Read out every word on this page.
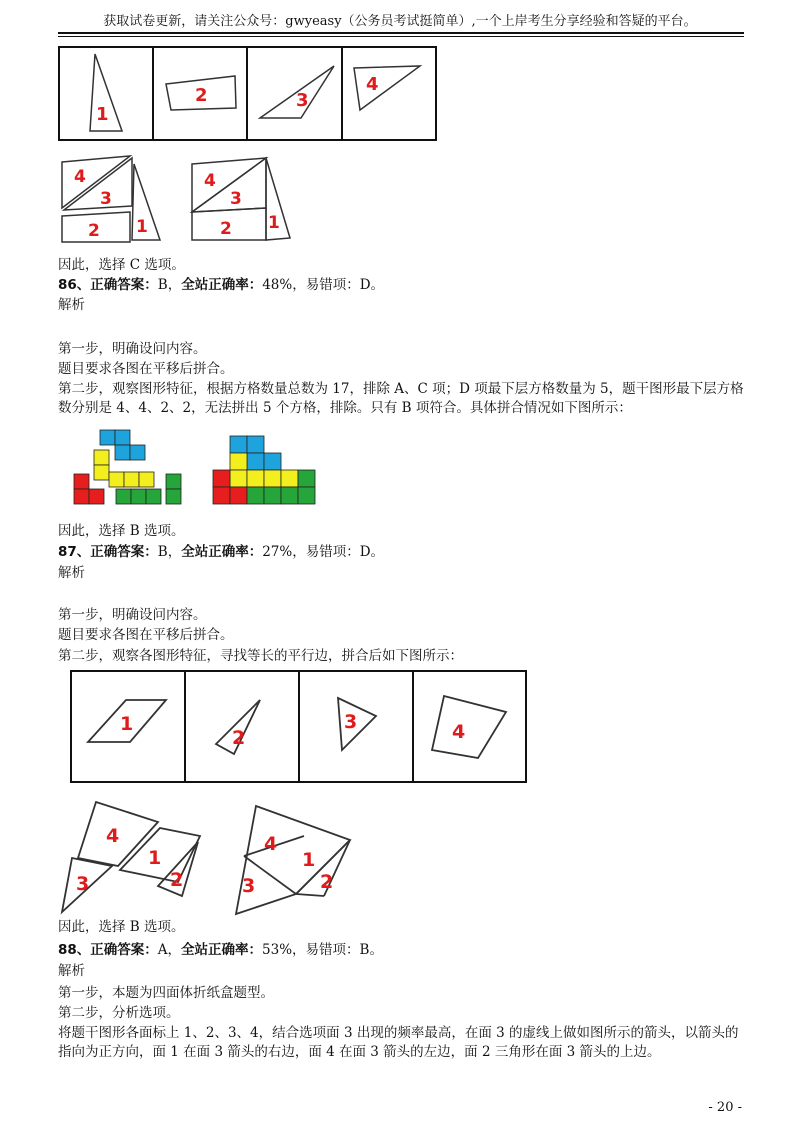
获取试卷更新，请关注公众号：gwyeasy（公务员考试挺简单）,一个上岸考生分享经验和答疑的平台。
1
2	3
4
4
3
2 1
4
3
2 1
因此，选择 C 选项。
86、正确答案：B，全站正确率：48%，易错项：D。
解析
第一步，明确设问内容。
题目要求各图在平移后拼合。
第二步，观察图形特征，根据方格数量总数为 17，排除 A、C 项；D 项最下层方格数量为 5，题干图形最下层方格数分别是 4、4、2、2，无法拼出 5 个方格，排除。只有 B 项符合。具体拼合情况如下图所示：
因此，选择 B 选项。
87、正确答案：B，全站正确率：27%，易错项：D。
解析
第一步，明确设问内容。
题目要求各图在平移后拼合。
第二步，观察各图形特征，寻找等长的平行边，拼合后如下图所示：
1
2
3	4
4
1
3	2
4
1
3	2
因此，选择 B 选项。
88、正确答案：A，全站正确率：53%，易错项：B。
解析
第一步，本题为四面体折纸盒题型。
第二步，分析选项。
将题干图形各面标上 1、2、3、4，结合选项面 3 出现的频率最高，在面 3 的虚线上做如图所示的箭头，以箭头的指向为正方向，面 1 在面 3 箭头的右边，面 4 在面 3 箭头的左边，面 2 三角形在面 3 箭头的上边。
- 20 -
